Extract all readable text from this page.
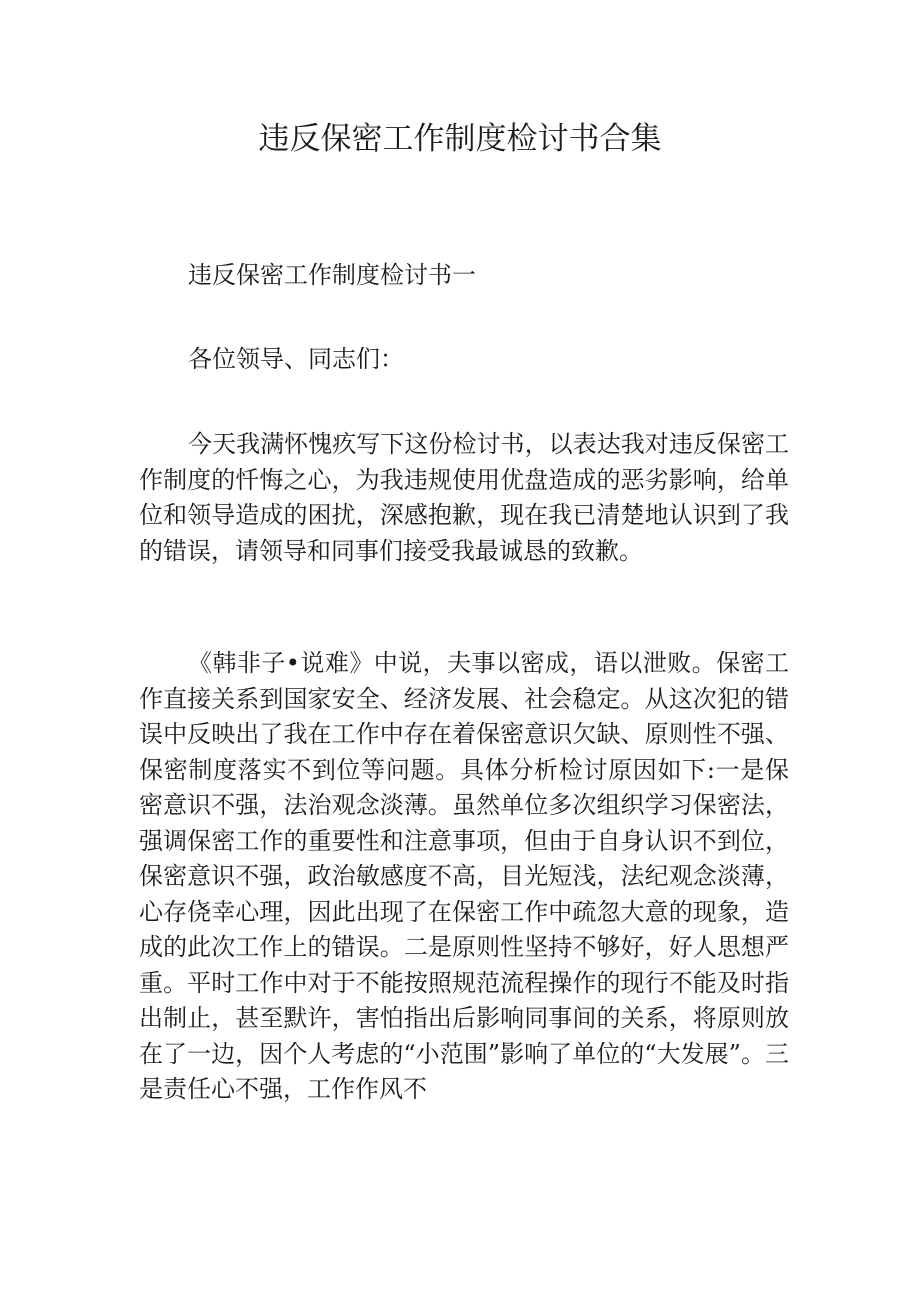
违反保密工作制度检讨书合集

违反保密工作制度检讨书一

各位领导、同志们：

今天我满怀愧疚写下这份检讨书，以表达我对违反保密工作制度的忏悔之心，为我违规使用优盘造成的恶劣影响，给单位和领导造成的困扰，深感抱歉，现在我已清楚地认识到了我的错误，请领导和同事们接受我最诚恳的致歉。

《韩非子•说难》中说，夫事以密成，语以泄败。保密工作直接关系到国家安全、经济发展、社会稳定。从这次犯的错误中反映出了我在工作中存在着保密意识欠缺、原则性不强、保密制度落实不到位等问题。具体分析检讨原因如下:一是保密意识不强，法治观念淡薄。虽然单位多次组织学习保密法，强调保密工作的重要性和注意事项，但由于自身认识不到位，保密意识不强，政治敏感度不高，目光短浅，法纪观念淡薄，心存侥幸心理，因此出现了在保密工作中疏忽大意的现象，造成的此次工作上的错误。二是原则性坚持不够好，好人思想严重。平时工作中对于不能按照规范流程操作的现行不能及时指出制止，甚至默许，害怕指出后影响同事间的关系，将原则放在了一边，因个人考虑的“小范围”影响了单位的“大发展”。三是责任心不强，工作作风不
